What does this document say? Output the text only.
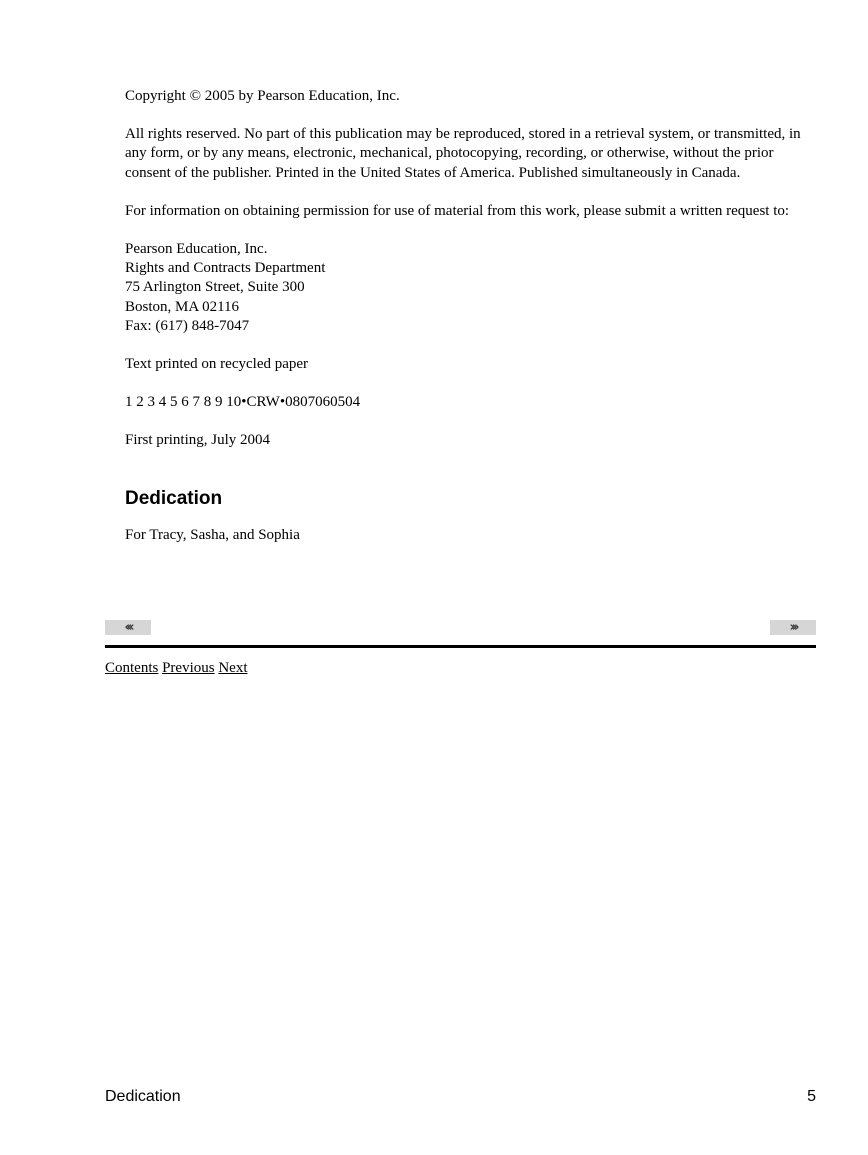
Copyright © 2005 by Pearson Education, Inc.

All rights reserved. No part of this publication may be reproduced, stored in a retrieval system, or transmitted, in any form, or by any means, electronic, mechanical, photocopying, recording, or otherwise, without the prior consent of the publisher. Printed in the United States of America. Published simultaneously in Canada.

For information on obtaining permission for use of material from this work, please submit a written request to:

Pearson Education, Inc.
Rights and Contracts Department
75 Arlington Street, Suite 300
Boston, MA 02116
Fax: (617) 848-7047

Text printed on recycled paper

1 2 3 4 5 6 7 8 9 10•CRW•0807060504

First printing, July 2004

Dedication

For Tracy, Sasha, and Sophia

‹‹‹	›››
Contents Previous Next
Dedication	5
